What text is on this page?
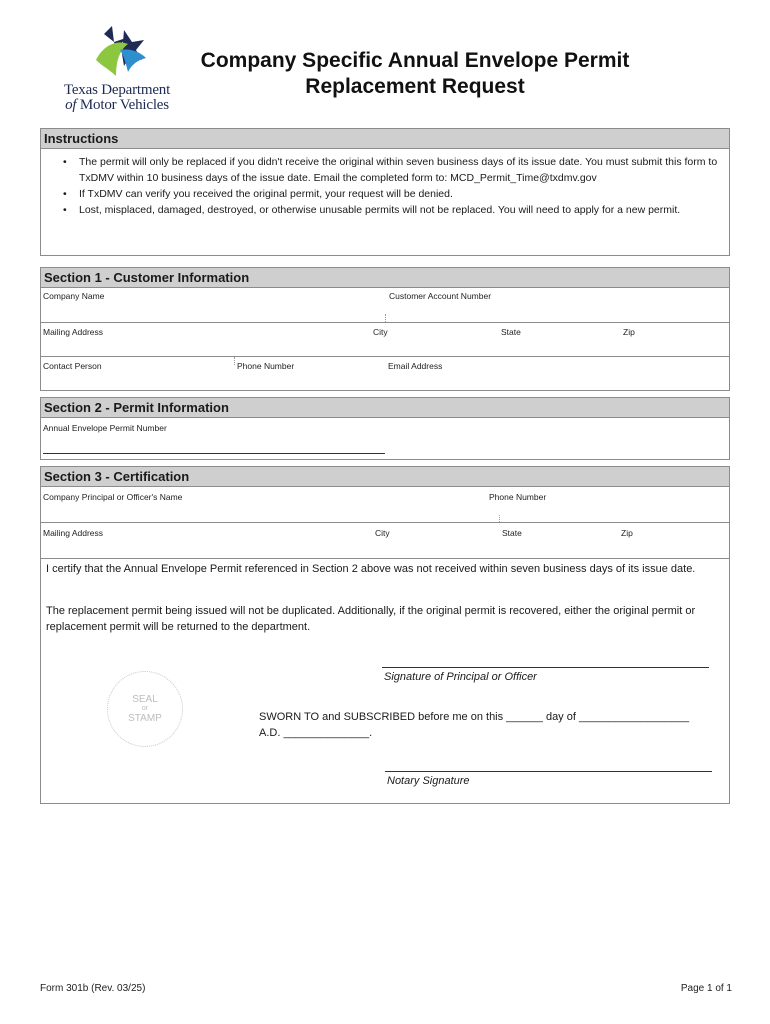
Texas Department
of Motor Vehicles
Company Specific Annual Envelope Permit
Replacement Request
Instructions
• The permit will only be replaced if you didn't receive the original within seven business days of its issue date. You must submit this form to TxDMV within 10 business days of the issue date. Email the completed form to: MCD_Permit_Time@txdmv.gov
• If TxDMV can verify you received the original permit, your request will be denied.
• Lost, misplaced, damaged, destroyed, or otherwise unusable permits will not be replaced. You will need to apply for a new permit.
Section 1 - Customer Information
Company Name	Customer Account Number
Mailing Address	City	State	Zip
Contact Person	Phone Number	Email Address
Section 2 - Permit Information
Annual Envelope Permit Number
Section 3 - Certification
Company Principal or Officer's Name	Phone Number
Mailing Address	City	State	Zip
I certify that the Annual Envelope Permit referenced in Section 2 above was not received within seven business days of its issue date.
The replacement permit being issued will not be duplicated. Additionally, if the original permit is recovered, either the original permit or replacement permit will be returned to the department.
Signature of Principal or Officer
SEAL
or
STAMP	SWORN TO and SUBSCRIBED before me on this ______ day of __________________
A.D. ______________.
Notary Signature
Form 301b (Rev. 03/25)	Page 1 of 1
